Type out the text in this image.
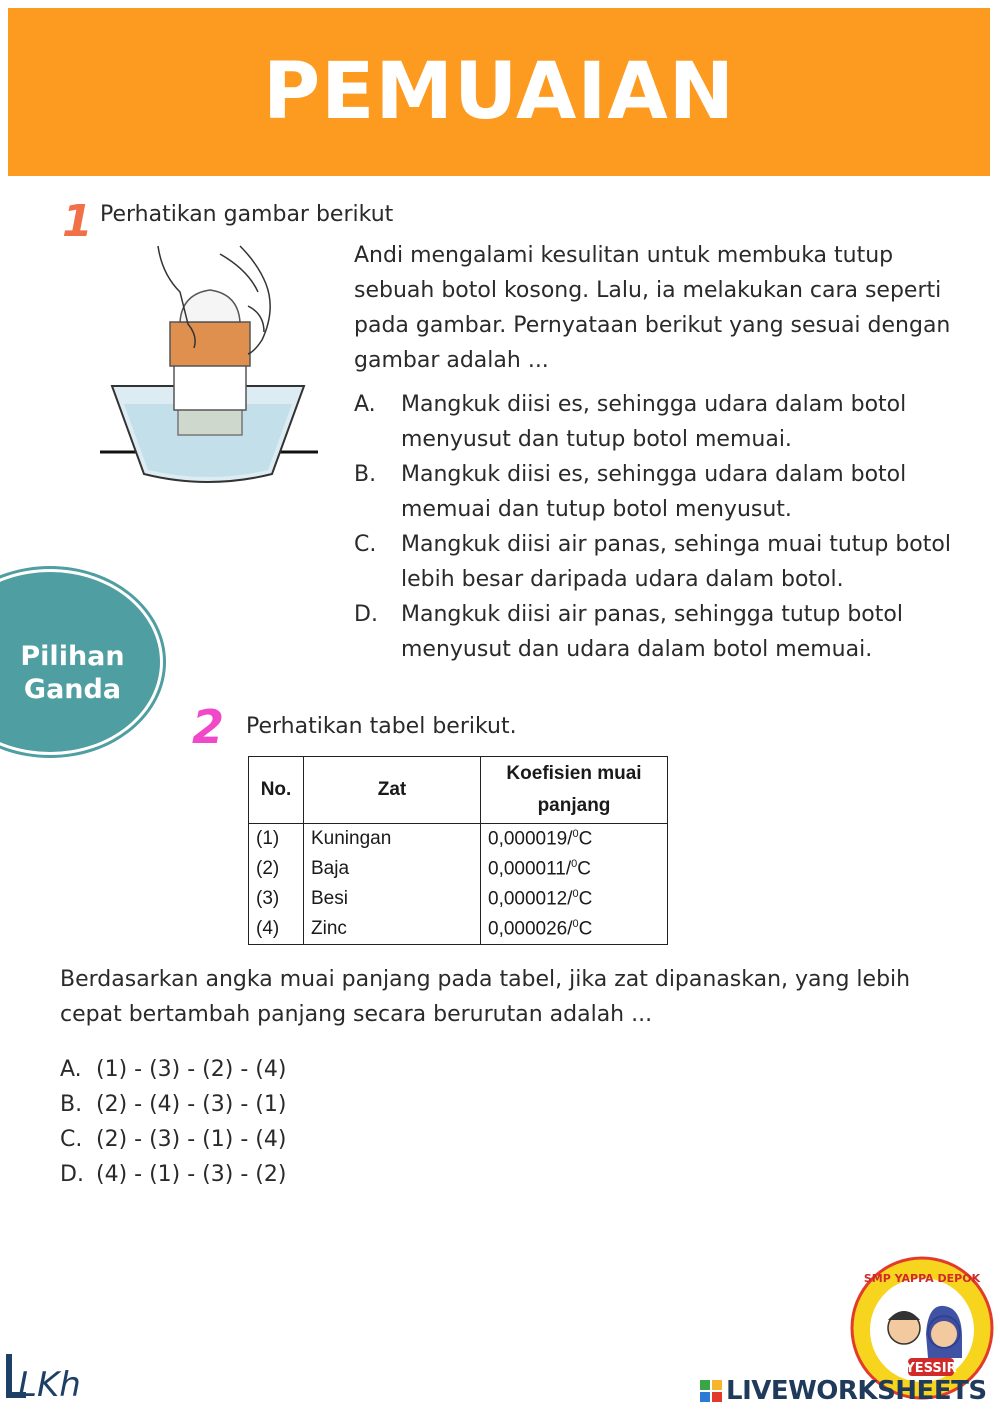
PEMUAIAN
1 Perhatikan gambar berikut
Andi mengalami kesulitan untuk membuka tutup sebuah botol kosong. Lalu, ia melakukan cara seperti pada gambar. Pernyataan berikut yang sesuai dengan gambar adalah ...
A.	Mangkuk diisi es, sehingga udara dalam botol menyusut dan tutup botol memuai.
B.	Mangkuk diisi es, sehingga udara dalam botol memuai dan tutup botol menyusut.
C.	Mangkuk diisi air panas, sehinga muai tutup botol lebih besar daripada udara dalam botol.
D.	Mangkuk diisi air panas, sehingga tutup botol menyusut dan udara dalam botol memuai.
Pilihan
Ganda
2 Perhatikan tabel berikut.
No.	Zat	Koefisien muai panjang
(1)	Kuningan	0,000019/$^0$C
(2)	Baja	0,000011/$^0$C
(3)	Besi	0,000012/$^0$C
(4)	Zinc	0,000026/$^0$C
Berdasarkan angka muai panjang pada tabel, jika zat dipanaskan, yang lebih cepat bertambah panjang secara berurutan adalah ...
A. (1) - (3) - (2) - (4)
B. (2) - (4) - (3) - (1)
C. (2) - (3) - (1) - (4)
D. (4) - (1) - (3) - (2)
LKh
SMP YAPPA DEPOK
YESSIR
LIVEWORKSHEETS
